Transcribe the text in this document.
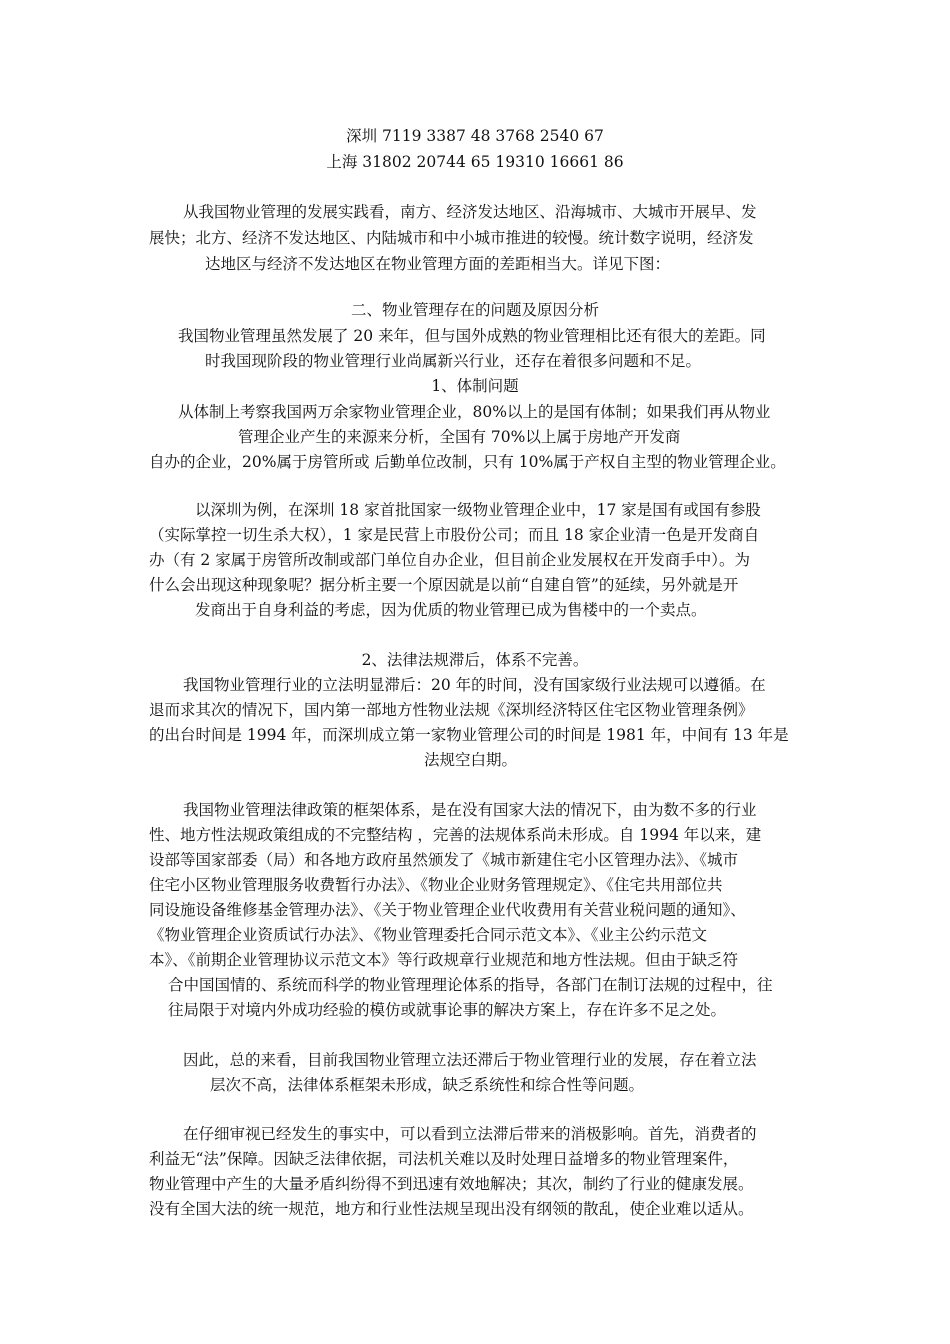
深圳 7119 3387 48 3768 2540 67
上海 31802 20744 65 19310 16661 86
从我国物业管理的发展实践看，南方、经济发达地区、沿海城市、大城市开展早、发
展快；北方、经济不发达地区、内陆城市和中小城市推进的较慢。统计数字说明，经济发
达地区与经济不发达地区在物业管理方面的差距相当大。详见下图：
二、物业管理存在的问题及原因分析
我国物业管理虽然发展了 20 来年，但与国外成熟的物业管理相比还有很大的差距。同
时我国现阶段的物业管理行业尚属新兴行业，还存在着很多问题和不足。
1、体制问题
从体制上考察我国两万余家物业管理企业，80%以上的是国有体制；如果我们再从物业
管理企业产生的来源来分析，全国有 70%以上属于房地产开发商
自办的企业，20%属于房管所或 后勤单位改制，只有 10%属于产权自主型的物业管理企业。
以深圳为例，在深圳 18 家首批国家一级物业管理企业中，17 家是国有或国有参股
（实际掌控一切生杀大权），1 家是民营上市股份公司；而且 18 家企业清一色是开发商自
办（有 2 家属于房管所改制或部门单位自办企业，但目前企业发展权在开发商手中）。为
什么会出现这种现象呢？据分析主要一个原因就是以前“自建自管”的延续，另外就是开
发商出于自身利益的考虑，因为优质的物业管理已成为售楼中的一个卖点。
2、法律法规滞后，体系不完善。
我国物业管理行业的立法明显滞后：20 年的时间，没有国家级行业法规可以遵循。在
退而求其次的情况下，国内第一部地方性物业法规《深圳经济特区住宅区物业管理条例》
的出台时间是 1994 年，而深圳成立第一家物业管理公司的时间是 1981 年，中间有 13 年是
法规空白期。
我国物业管理法律政策的框架体系，是在没有国家大法的情况下，由为数不多的行业
性、地方性法规政策组成的不完整结构 ，完善的法规体系尚未形成。自 1994 年以来，建
设部等国家部委（局）和各地方政府虽然颁发了《城市新建住宅小区管理办法》、《城市
住宅小区物业管理服务收费暂行办法》、《物业企业财务管理规定》、《住宅共用部位共
同设施设备维修基金管理办法》、《关于物业管理企业代收费用有关营业税问题的通知》、
《物业管理企业资质试行办法》、《物业管理委托合同示范文本》、《业主公约示范文
本》、《前期企业管理协议示范文本》等行政规章行业规范和地方性法规。但由于缺乏符
合中国国情的、系统而科学的物业管理理论体系的指导，各部门在制订法规的过程中，往
往局限于对境内外成功经验的模仿或就事论事的解决方案上，存在许多不足之处。
因此，总的来看，目前我国物业管理立法还滞后于物业管理行业的发展，存在着立法
层次不高，法律体系框架未形成，缺乏系统性和综合性等问题。
在仔细审视已经发生的事实中，可以看到立法滞后带来的消极影响。首先，消费者的
利益无“法”保障。因缺乏法律依据，司法机关难以及时处理日益增多的物业管理案件，
物业管理中产生的大量矛盾纠纷得不到迅速有效地解决；其次，制约了行业的健康发展。
没有全国大法的统一规范，地方和行业性法规呈现出没有纲领的散乱，使企业难以适从。
